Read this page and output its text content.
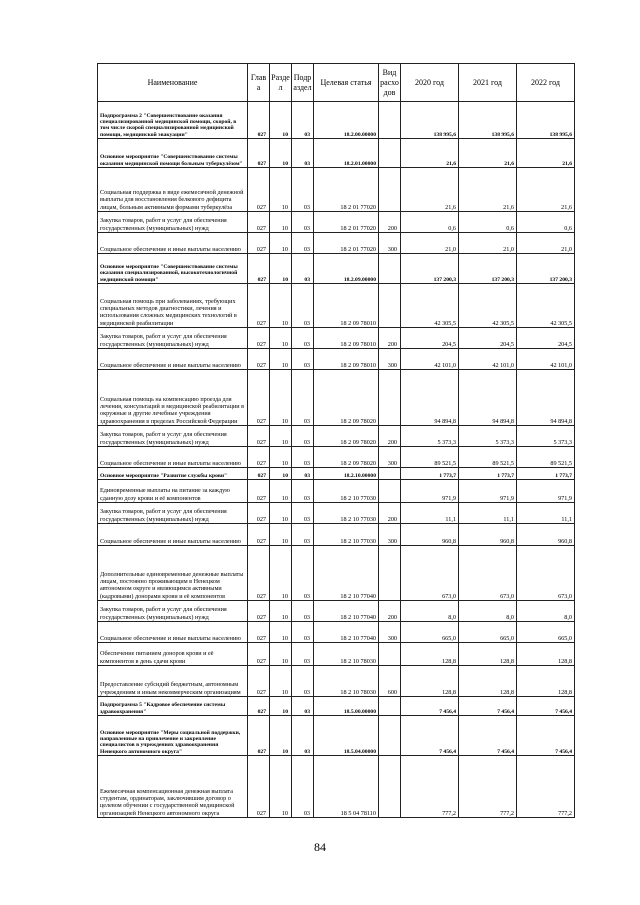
Наименование	Глав а	Разде л	Подр аздел	Целевая статья	Вид расхо дов	2020 год	2021 год	2022 год
Подпрограмма 2 "Совершенствование оказания специализированной медицинской помощи, скорой, в том числе скорой специализированной медицинской помощи, медицинской эвакуации"	027	10	03	18.2.00.00000		138 995,6	138 995,6	138 995,6
Основное мероприятие "Совершенствование системы оказания медицинской помощи больным туберкулёзом"	027	10	03	18.2.01.00000		21,6	21,6	21,6
Социальная поддержка в виде ежемесячной денежной выплаты для восстановления белкового дефицита лицам, больным активными формами туберкулёза	027	10	03	18 2 01 77020		21,6	21,6	21,6
Закупка товаров, работ и услуг для обеспечения государственных (муниципальных) нужд	027	10	03	18 2 01 77020	200	0,6	0,6	0,6
Социальное обеспечение и иные выплаты населению	027	10	03	18 2 01 77020	300	21,0	21,0	21,0
Основное мероприятие "Совершенствование системы оказания специализированной, высокотехнологичной медицинской помощи"	027	10	03	18.2.09.00000		137 200,3	137 200,3	137 200,3
Социальная помощь при заболеваниях, требующих специальных методов диагностики, лечения и использования сложных медицинских технологий в медицинской реабилитации	027	10	03	18 2 09 78010		42 305,5	42 305,5	42 305,5
Закупка товаров, работ и услуг для обеспечения государственных (муниципальных) нужд	027	10	03	18 2 09 78010	200	204,5	204,5	204,5
Социальное обеспечение и иные выплаты населению	027	10	03	18 2 09 78010	300	42 101,0	42 101,0	42 101,0
Социальная помощь на компенсацию проезда для лечения, консультаций и медицинской реабилитации в окружные и другие лечебные учреждения здравоохранения в пределах Российской Федерации	027	10	03	18 2 09 78020		94 894,8	94 894,8	94 894,8
Закупка товаров, работ и услуг для обеспечения государственных (муниципальных) нужд	027	10	03	18 2 09 78020	200	5 373,3	5 373,3	5 373,3
Социальное обеспечение и иные выплаты населению	027	10	03	18 2 09 78020	300	89 521,5	89 521,5	89 521,5
Основное мероприятие "Развитие службы крови"	027	10	03	18.2.10.00000		1 773,7	1 773,7	1 773,7
Единовременные выплаты на питание за каждую сданную дозу крови и её компонентов	027	10	03	18 2 10 77030		971,9	971,9	971,9
Закупка товаров, работ и услуг для обеспечения государственных (муниципальных) нужд	027	10	03	18 2 10 77030	200	11,1	11,1	11,1
Социальное обеспечение и иные выплаты населению	027	10	03	18 2 10 77030	300	960,8	960,8	960,8
Дополнительные единовременные денежные выплаты лицам, постоянно проживающим в Ненецком автономном округе и являющимся активными (кадровыми) донорами крови и её компонентов	027	10	03	18 2 10 77040		673,0	673,0	673,0
Закупка товаров, работ и услуг для обеспечения государственных (муниципальных) нужд	027	10	03	18 2 10 77040	200	8,0	8,0	8,0
Социальное обеспечение и иные выплаты населению	027	10	03	18 2 10 77040	300	665,0	665,0	665,0
Обеспечение питанием доноров крови и её компонентов в день сдачи крови	027	10	03	18 2 10 78030		128,8	128,8	128,8
Предоставление субсидий бюджетным, автономным учреждениям и иным некоммерческим организациям	027	10	03	18 2 10 78030	600	128,8	128,8	128,8
Подпрограмма 5 "Кадровое обеспечение системы здравоохранения"	027	10	03	18.5.00.00000		7 456,4	7 456,4	7 456,4
Основное мероприятие "Меры социальной поддержки, направленные на привлечение и закрепление специалистов в учреждениях здравоохранения Ненецкого автономного округа"	027	10	03	18.5.04.00000		7 456,4	7 456,4	7 456,4
Ежемесячная компенсационная денежная выплата студентам, ординаторам, заключившим договор о целевом обучении с государственной медицинской организацией Ненецкого автономного округа	027	10	03	18 5 04 78110		777,2	777,2	777,2
84
